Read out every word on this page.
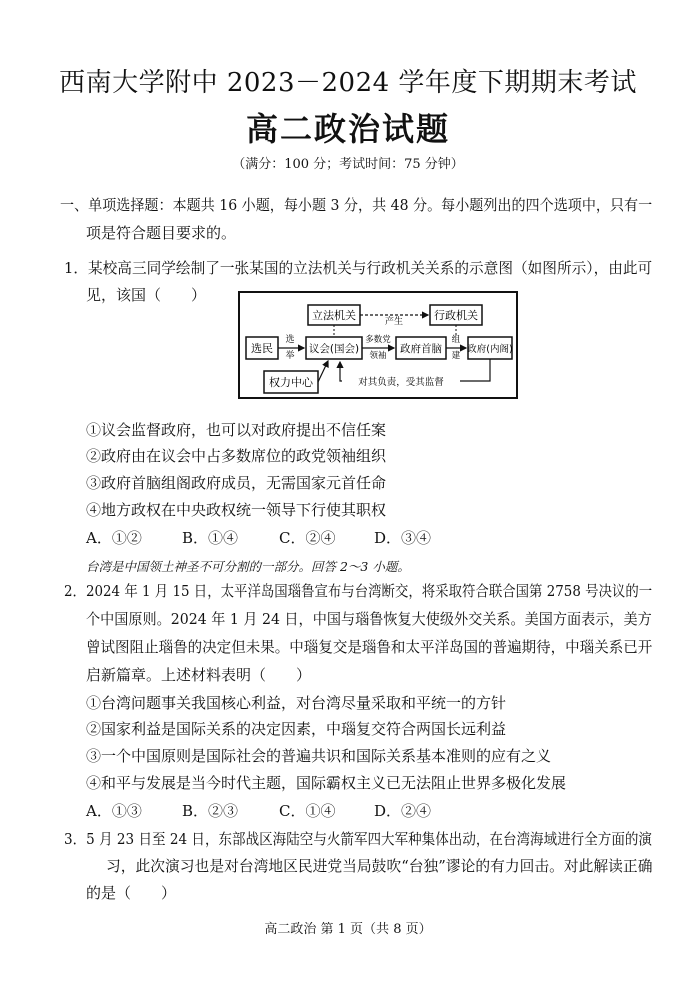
西南大学附中 2023－2024 学年度下期期末考试
高二政治试题
（满分：100 分；考试时间：75 分钟）
一、单项选择题：本题共 16 小题，每小题 3 分，共 48 分。每小题列出的四个选项中，只有一
项是符合题目要求的。
1．某校高三同学绘制了一张某国的立法机关与行政机关关系的示意图（如图所示），由此可
见，该国（　　）
立法机关	行政机关
产生
选民
选
举
议会(国会)
多数党
领袖
政府首脑
组
建
政府(内阁)
权力中心	对其负责，受其监督
①议会监督政府，也可以对政府提出不信任案
②政府由在议会中占多数席位的政党领袖组织
③政府首脑组阁政府成员，无需国家元首任命
④地方政权在中央政权统一领导下行使其职权
A．①②	B．①④	C．②④	D．③④
台湾是中国领土神圣不可分割的一部分。回答 2～3 小题。
2．2024 年 1 月 15 日，太平洋岛国瑙鲁宣布与台湾断交，将采取符合联合国第 2758 号决议的一
个中国原则。2024 年 1 月 24 日，中国与瑙鲁恢复大使级外交关系。美国方面表示，美方
曾试图阻止瑙鲁的决定但未果。中瑙复交是瑙鲁和太平洋岛国的普遍期待，中瑙关系已开
启新篇章。上述材料表明（　　）
①台湾问题事关我国核心利益，对台湾尽量采取和平统一的方针
②国家利益是国际关系的决定因素，中瑙复交符合两国长远利益
③一个中国原则是国际社会的普遍共识和国际关系基本准则的应有之义
④和平与发展是当今时代主题，国际霸权主义已无法阻止世界多极化发展
A．①③	B．②③	C．①④	D．②④
3．5 月 23 日至 24 日，东部战区海陆空与火箭军四大军种集体出动，在台湾海域进行全方面的演
习，此次演习也是对台湾地区民进党当局鼓吹“台独”谬论的有力回击。对此解读正确
的是（　　）
高二政治 第 1 页（共 8 页）
